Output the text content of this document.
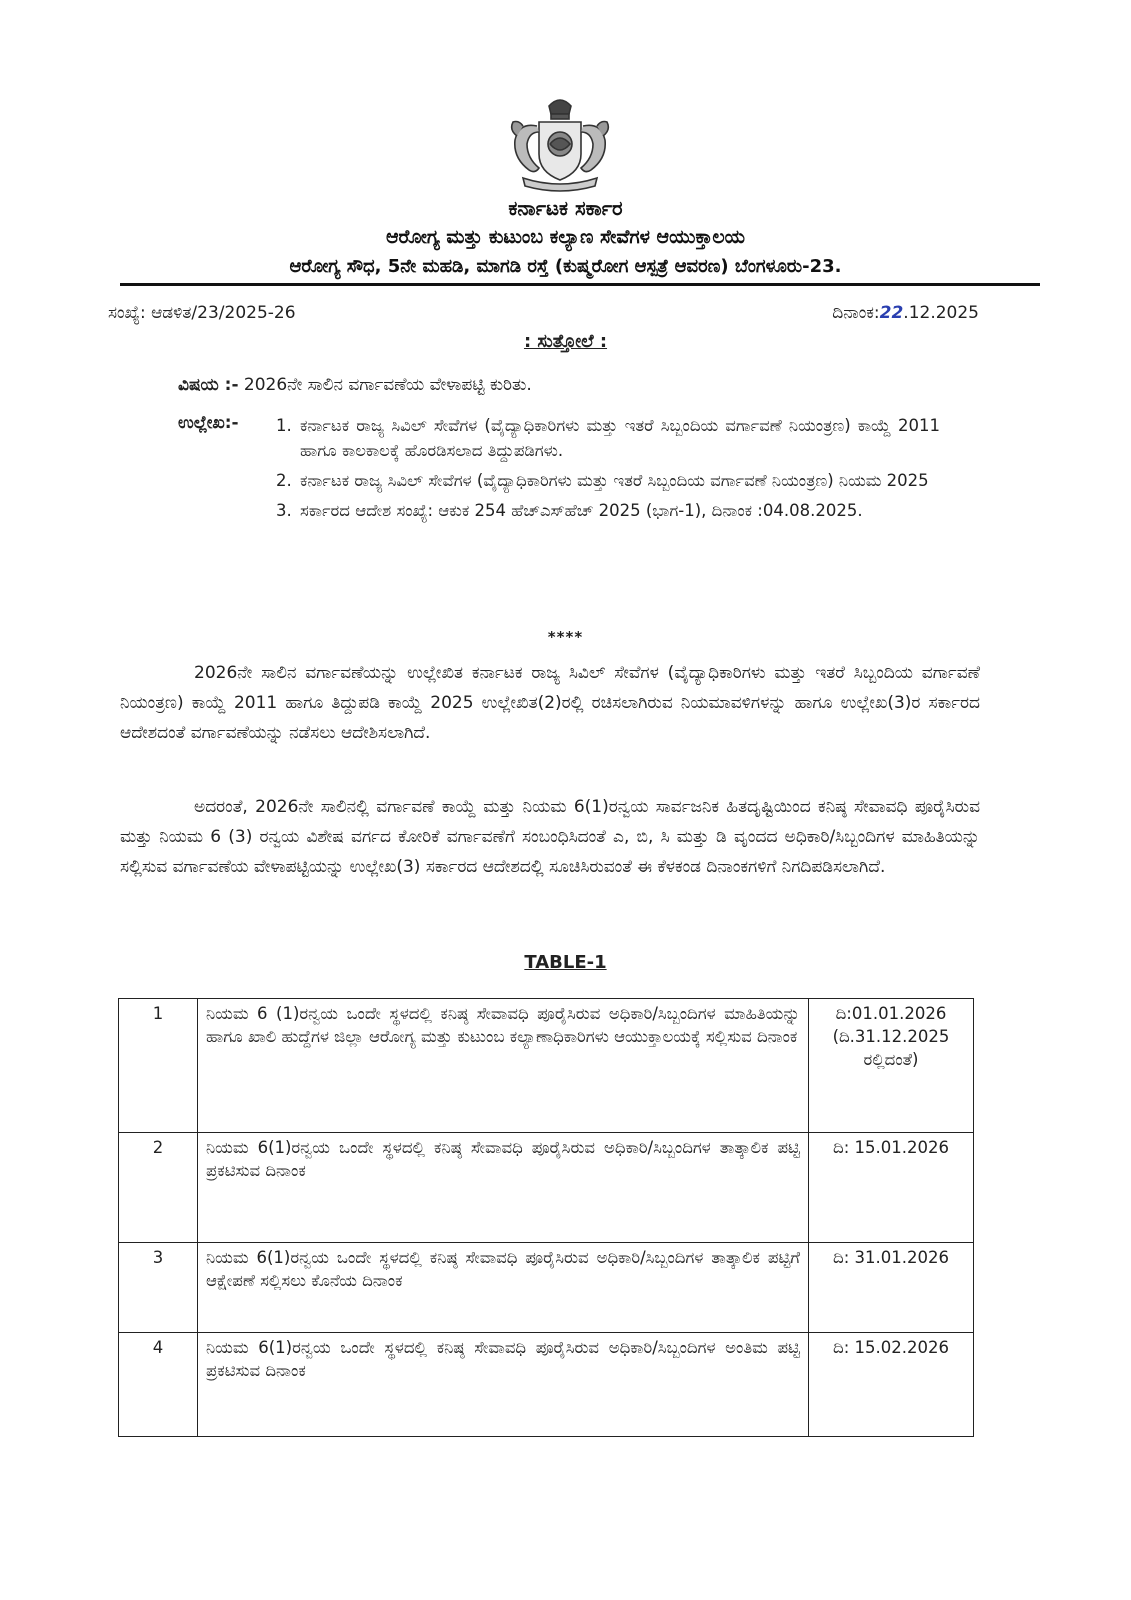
ಕರ್ನಾಟಕ ಸರ್ಕಾರ
ಆರೋಗ್ಯ ಮತ್ತು ಕುಟುಂಬ ಕಲ್ಯಾಣ ಸೇವೆಗಳ ಆಯುಕ್ತಾಲಯ
ಆರೋಗ್ಯ ಸೌಧ, 5ನೇ ಮಹಡಿ, ಮಾಗಡಿ ರಸ್ತೆ (ಕುಷ್ಮರೋಗ ಆಸ್ಪತ್ರೆ ಆವರಣ) ಬೆಂಗಳೂರು-23.
ಸಂಖ್ಯೆ: ಆಡಳಿತ/23/2025-26	ದಿನಾಂಕ:22.12.2025
: ಸುತ್ತೋಲೆ :
ವಿಷಯ :- 2026ನೇ ಸಾಲಿನ ವರ್ಗಾವಣೆಯ ವೇಳಾಪಟ್ಟಿ ಕುರಿತು.
ಉಲ್ಲೇಖ:- 1. ಕರ್ನಾಟಕ ರಾಜ್ಯ ಸಿವಿಲ್ ಸೇವೆಗಳ (ವೈದ್ಯಾಧಿಕಾರಿಗಳು ಮತ್ತು ಇತರೆ ಸಿಬ್ಬಂದಿಯ ವರ್ಗಾವಣೆ ನಿಯಂತ್ರಣ) ಕಾಯ್ದೆ 2011 ಹಾಗೂ ಕಾಲಕಾಲಕ್ಕೆ ಹೊರಡಿಸಲಾದ ತಿದ್ದುಪಡಿಗಳು.
2. ಕರ್ನಾಟಕ ರಾಜ್ಯ ಸಿವಿಲ್ ಸೇವೆಗಳ (ವೈದ್ಯಾಧಿಕಾರಿಗಳು ಮತ್ತು ಇತರೆ ಸಿಬ್ಬಂದಿಯ ವರ್ಗಾವಣೆ ನಿಯಂತ್ರಣ) ನಿಯಮ 2025
3. ಸರ್ಕಾರದ ಆದೇಶ ಸಂಖ್ಯೆ: ಆಕುಕ 254 ಹೆಚ್‌ಎಸ್‌ಹೆಚ್ 2025 (ಭಾಗ-1), ದಿನಾಂಕ :04.08.2025.
****

2026ನೇ ಸಾಲಿನ ವರ್ಗಾವಣೆಯನ್ನು ಉಲ್ಲೇಖಿತ ಕರ್ನಾಟಕ ರಾಜ್ಯ ಸಿವಿಲ್ ಸೇವೆಗಳ (ವೈದ್ಯಾಧಿಕಾರಿಗಳು ಮತ್ತು ಇತರೆ ಸಿಬ್ಬಂದಿಯ ವರ್ಗಾವಣೆ ನಿಯಂತ್ರಣ) ಕಾಯ್ದೆ 2011 ಹಾಗೂ ತಿದ್ದುಪಡಿ ಕಾಯ್ದೆ 2025 ಉಲ್ಲೇಖಿತ(2)ರಲ್ಲಿ ರಚಿಸಲಾಗಿರುವ ನಿಯಮಾವಳಿಗಳನ್ನು ಹಾಗೂ ಉಲ್ಲೇಖ(3)ರ ಸರ್ಕಾರದ ಆದೇಶದಂತೆ ವರ್ಗಾವಣೆಯನ್ನು ನಡೆಸಲು ಆದೇಶಿಸಲಾಗಿದೆ.

ಅದರಂತೆ, 2026ನೇ ಸಾಲಿನಲ್ಲಿ ವರ್ಗಾವಣೆ ಕಾಯ್ದೆ ಮತ್ತು ನಿಯಮ 6(1)ರನ್ವಯ ಸಾರ್ವಜನಿಕ ಹಿತದೃಷ್ಟಿಯಿಂದ ಕನಿಷ್ಠ ಸೇವಾವಧಿ ಪೂರೈಸಿರುವ ಮತ್ತು ನಿಯಮ 6 (3) ರನ್ವಯ ವಿಶೇಷ ವರ್ಗದ ಕೋರಿಕೆ ವರ್ಗಾವಣೆಗೆ ಸಂಬಂಧಿಸಿದಂತೆ ಎ, ಬಿ, ಸಿ ಮತ್ತು ಡಿ ವೃಂದದ ಅಧಿಕಾರಿ/ಸಿಬ್ಬಂದಿಗಳ ಮಾಹಿತಿಯನ್ನು ಸಲ್ಲಿಸುವ ವರ್ಗಾವಣೆಯ ವೇಳಾಪಟ್ಟಿಯನ್ನು ಉಲ್ಲೇಖ(3) ಸರ್ಕಾರದ ಆದೇಶದಲ್ಲಿ ಸೂಚಿಸಿರುವಂತೆ ಈ ಕೆಳಕಂಡ ದಿನಾಂಕಗಳಿಗೆ ನಿಗದಿಪಡಿಸಲಾಗಿದೆ.

TABLE-1
1	ನಿಯಮ 6 (1)ರನ್ವಯ ಒಂದೇ ಸ್ಥಳದಲ್ಲಿ ಕನಿಷ್ಠ ಸೇವಾವಧಿ ಪೂರೈಸಿರುವ ಅಧಿಕಾರಿ/ಸಿಬ್ಬಂದಿಗಳ ಮಾಹಿತಿಯನ್ನು ಹಾಗೂ ಖಾಲಿ ಹುದ್ದೆಗಳ ಜಿಲ್ಲಾ ಆರೋಗ್ಯ ಮತ್ತು ಕುಟುಂಬ ಕಲ್ಯಾಣಾಧಿಕಾರಿಗಳು ಆಯುಕ್ತಾಲಯಕ್ಕೆ ಸಲ್ಲಿಸುವ ದಿನಾಂಕ	ದಿ:01.01.2026 (ದಿ.31.12.2025 ರಲ್ಲಿದಂತೆ)
2	ನಿಯಮ 6(1)ರನ್ವಯ ಒಂದೇ ಸ್ಥಳದಲ್ಲಿ ಕನಿಷ್ಠ ಸೇವಾವಧಿ ಪೂರೈಸಿರುವ ಅಧಿಕಾರಿ/ಸಿಬ್ಬಂದಿಗಳ ತಾತ್ಕಾಲಿಕ ಪಟ್ಟಿ ಪ್ರಕಟಿಸುವ ದಿನಾಂಕ	ದಿ: 15.01.2026
3	ನಿಯಮ 6(1)ರನ್ವಯ ಒಂದೇ ಸ್ಥಳದಲ್ಲಿ ಕನಿಷ್ಠ ಸೇವಾವಧಿ ಪೂರೈಸಿರುವ ಅಧಿಕಾರಿ/ಸಿಬ್ಬಂದಿಗಳ ತಾತ್ಕಾಲಿಕ ಪಟ್ಟಿಗೆ ಆಕ್ಷೇಪಣೆ ಸಲ್ಲಿಸಲು ಕೊನೆಯ ದಿನಾಂಕ	ದಿ: 31.01.2026
4	ನಿಯಮ 6(1)ರನ್ವಯ ಒಂದೇ ಸ್ಥಳದಲ್ಲಿ ಕನಿಷ್ಠ ಸೇವಾವಧಿ ಪೂರೈಸಿರುವ ಅಧಿಕಾರಿ/ಸಿಬ್ಬಂದಿಗಳ ಅಂತಿಮ ಪಟ್ಟಿ ಪ್ರಕಟಿಸುವ ದಿನಾಂಕ	ದಿ: 15.02.2026
